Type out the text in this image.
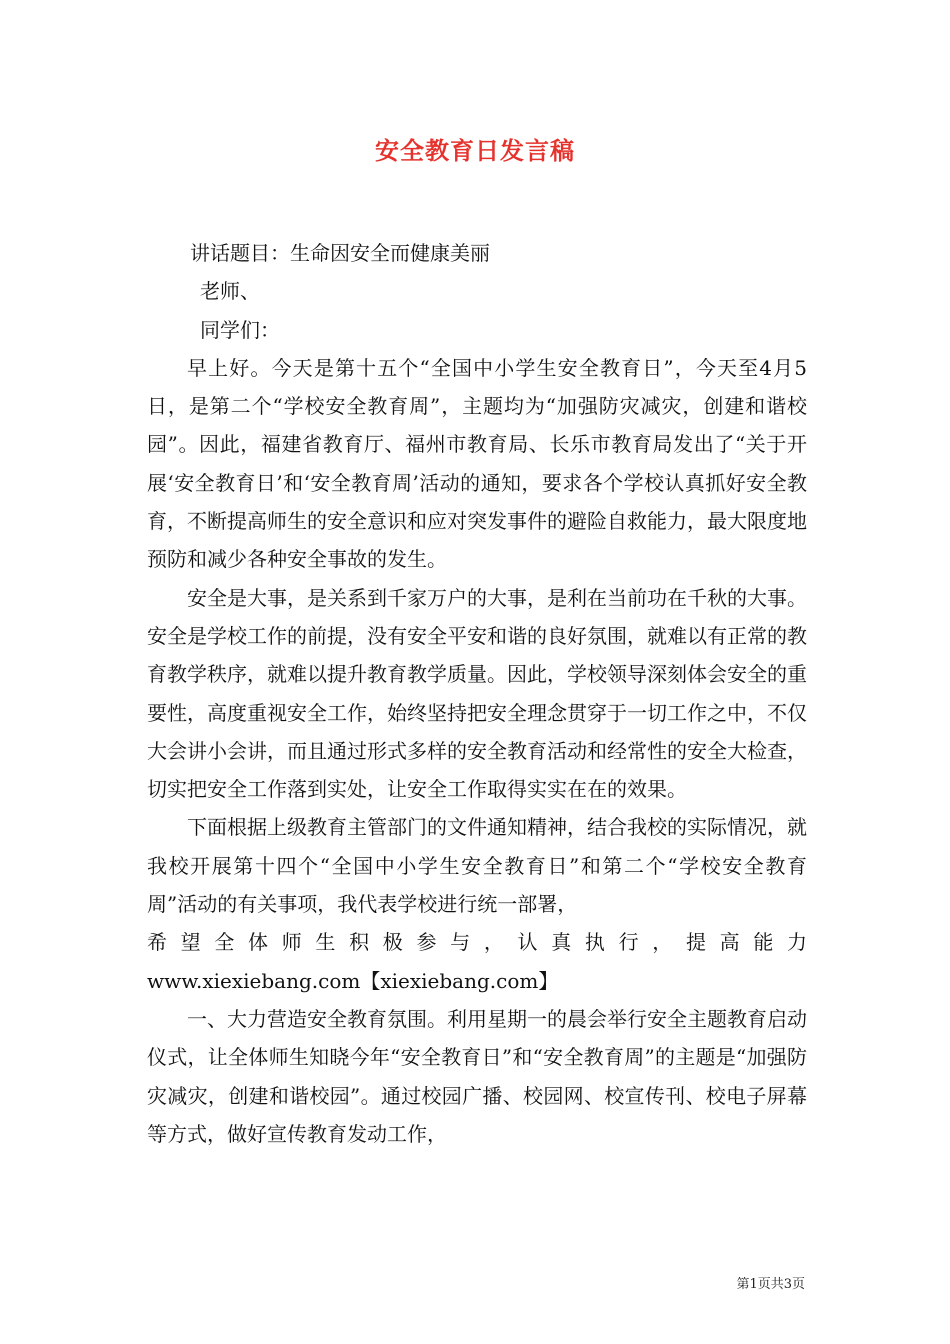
安全教育日发言稿

讲话题目：生命因安全而健康美丽

老师、

同学们：

早上好。今天是第十五个“全国中小学生安全教育日”，今天至4月5日，是第二个“学校安全教育周”，主题均为“加强防灾减灾，创建和谐校园”。因此，福建省教育厅、福州市教育局、长乐市教育局发出了“关于开展‘安全教育日’和‘安全教育周’活动的通知，要求各个学校认真抓好安全教育，不断提高师生的安全意识和应对突发事件的避险自救能力，最大限度地预防和减少各种安全事故的发生。

安全是大事，是关系到千家万户的大事，是利在当前功在千秋的大事。安全是学校工作的前提，没有安全平安和谐的良好氛围，就难以有正常的教育教学秩序，就难以提升教育教学质量。因此，学校领导深刻体会安全的重要性，高度重视安全工作，始终坚持把安全理念贯穿于一切工作之中，不仅大会讲小会讲，而且通过形式多样的安全教育活动和经常性的安全大检查，切实把安全工作落到实处，让安全工作取得实实在在的效果。

下面根据上级教育主管部门的文件通知精神，结合我校的实际情况，就我校开展第十四个“全国中小学生安全教育日”和第二个“学校安全教育周”活动的有关事项，我代表学校进行统一部署，

希望全体师生积极参与，认真执行，提高能力

www.xiexiebang.com【xiexiebang.com】

一、大力营造安全教育氛围。利用星期一的晨会举行安全主题教育启动仪式，让全体师生知晓今年“安全教育日”和“安全教育周”的主题是“加强防灾减灾，创建和谐校园”。通过校园广播、校园网、校宣传刊、校电子屏幕等方式，做好宣传教育发动工作，

第1页共3页
